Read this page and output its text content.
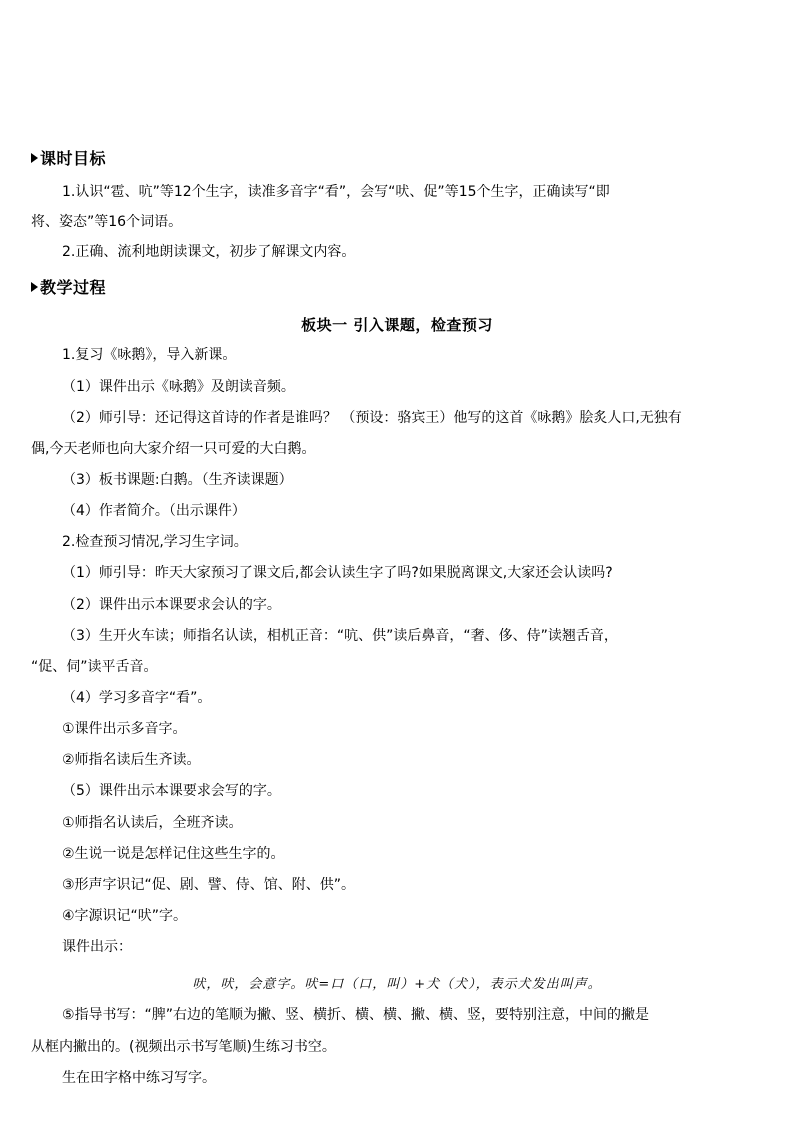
课时目标
1.认识“雹、吭”等12个生字，读准多音字“看”，会写“吠、促”等15个生字，正确读写“即
将、姿态”等16个词语。
2.正确、流利地朗读课文，初步了解课文内容。
教学过程
板块一 引入课题，检查预习
1.复习《咏鹅》，导入新课。
（1）课件出示《咏鹅》及朗读音频。
（2）师引导：还记得这首诗的作者是谁吗？ （预设：骆宾王）他写的这首《咏鹅》脍炙人口,无独有
偶,今天老师也向大家介绍一只可爱的大白鹅。
（3）板书课题:白鹅。（生齐读课题）
（4）作者简介。（出示课件）
2.检查预习情况,学习生字词。
（1）师引导：昨天大家预习了课文后,都会认读生字了吗?如果脱离课文,大家还会认读吗?
（2）课件出示本课要求会认的字。
（3）生开火车读；师指名认读，相机正音：“吭、供”读后鼻音，“奢、侈、侍”读翘舌音，
“促、伺”读平舌音。
（4）学习多音字“看”。
①课件出示多音字。
②师指名读后生齐读。
（5）课件出示本课要求会写的字。
①师指名认读后，全班齐读。
②生说一说是怎样记住这些生字的。
③形声字识记“促、剧、譬、侍、馆、附、供”。
④字源识记“吠”字。
课件出示：
吠，吠，会意字。吠=口（口，叫）+犬（犬），表示犬发出叫声。
⑤指导书写：“脾”右边的笔顺为撇、竖、横折、横、横、撇、横、竖，要特别注意，中间的撇是
从框内撇出的。(视频出示书写笔顺)生练习书空。
生在田字格中练习写字。
